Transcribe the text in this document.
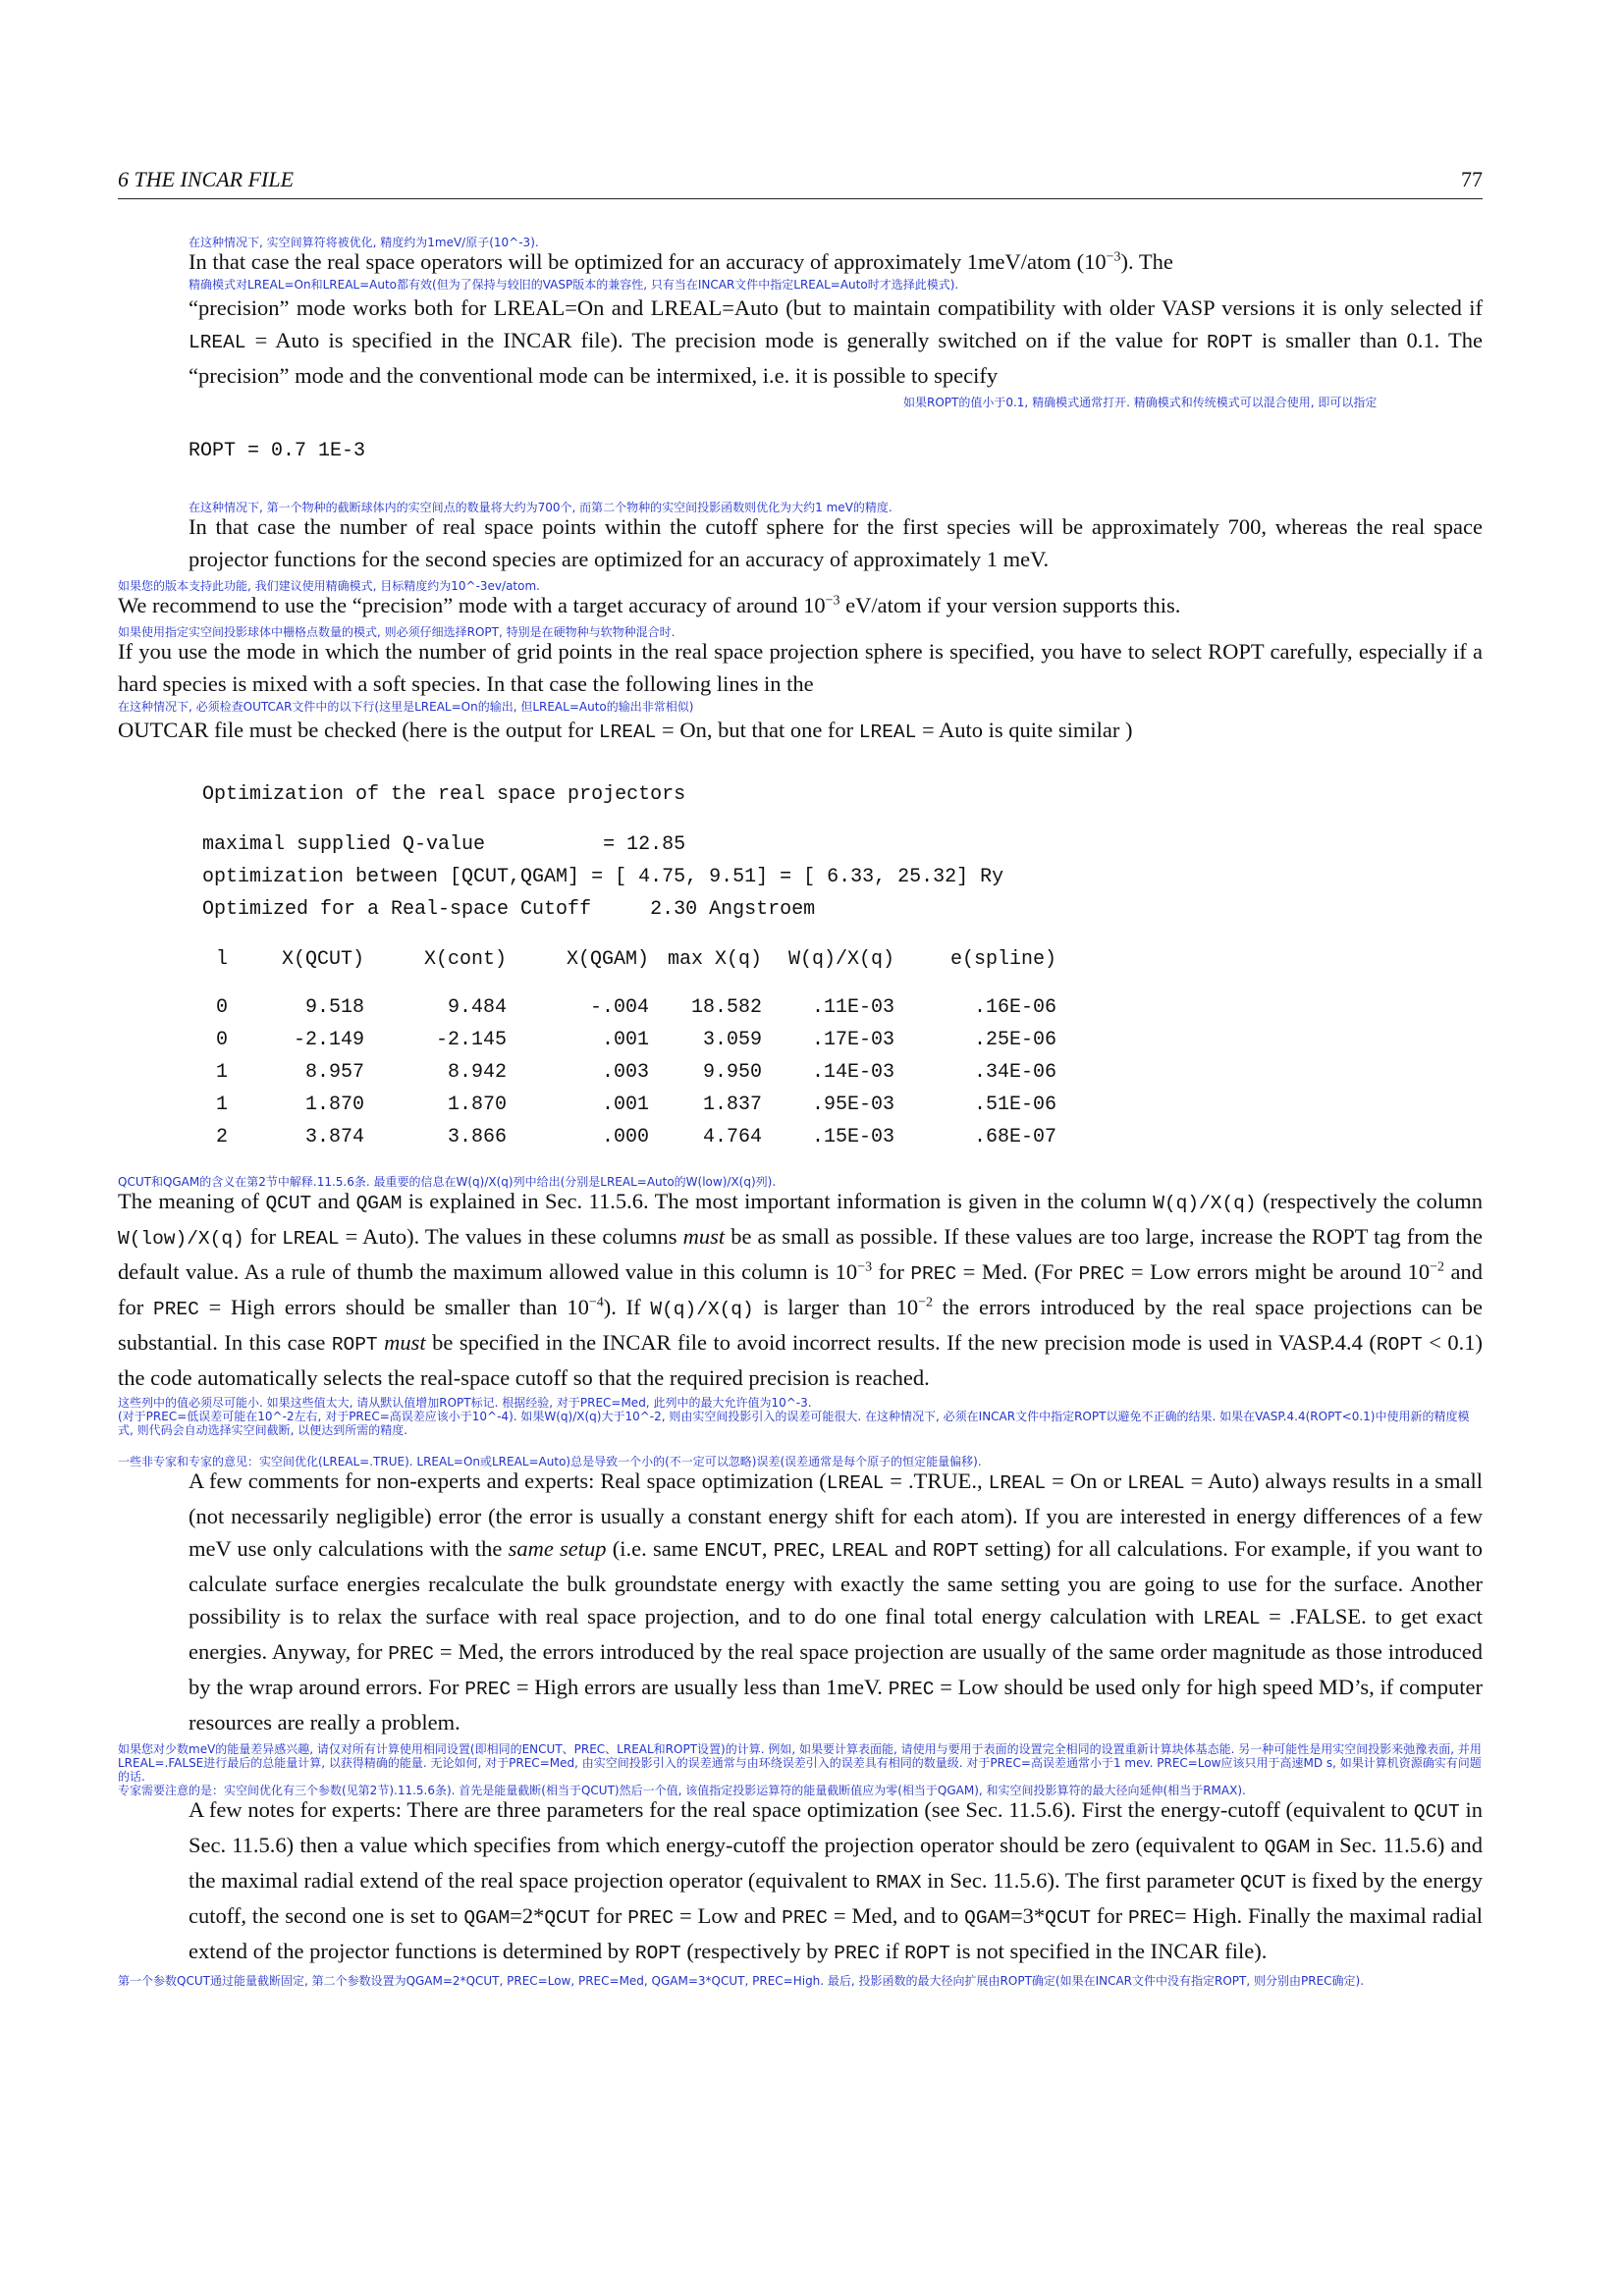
6 THE INCAR FILE	77
在这种情况下, 实空间算符将被优化, 精度约为1meV/原子(10^-3).

In that case the real space operators will be optimized for an accuracy of approximately 1meV/atom $(10^{-3})$. The
精确模式对LREAL=On和LREAL=Auto都有效(但为了保持与较旧的VASP版本的兼容性, 只有当在INCAR文件中指定LREAL=Auto时才选择此模式).
“precision” mode works both for LREAL=On and LREAL=Auto (but to maintain compatibility with older VASP versions it is only selected if LREAL = Auto is specified in the INCAR file). The precision mode is generally switched on if the value for ROPT is smaller than 0.1. The “precision” mode and the conventional mode can be intermixed, i.e. it is possible to specify

如果ROPT的值小于0.1, 精确模式通常打开. 精确模式和传统模式可以混合使用, 即可以指定
ROPT = 0.7 1E-3
在这种情况下, 第一个物种的截断球体内的实空间点的数量将大约为700个, 而第二个物种的实空间投影函数则优化为大约1 meV的精度.

In that case the number of real space points within the cutoff sphere for the first species will be approximately 700, whereas the real space projector functions for the second species are optimized for an accuracy of approximately 1 meV.

如果您的版本支持此功能, 我们建议使用精确模式, 目标精度约为10^-3ev/atom.

We recommend to use the “precision” mode with a target accuracy of around $10^{-3}$ eV/atom if your version supports this.

如果使用指定实空间投影球体中栅格点数量的模式, 则必须仔细选择ROPT, 特别是在硬物种与软物种混合时.

If you use the mode in which the number of grid points in the real space projection sphere is specified, you have to select ROPT carefully, especially if a hard species is mixed with a soft species. In that case the following lines in the
在这种情况下, 必须检查OUTCAR文件中的以下行(这里是LREAL=On的输出, 但LREAL=Auto的输出非常相似)
OUTCAR file must be checked (here is the output for LREAL = On, but that one for LREAL = Auto is quite similar )

Optimization of the real space projectors
maximal supplied Q-value          = 12.85
optimization between [QCUT,QGAM] = [ 4.75, 9.51] = [ 6.33, 25.32] Ry
Optimized for a Real-space Cutoff     2.30 Angstroem
l	X(QCUT)	X(cont)	X(QGAM)	max X(q)	W(q)/X(q)	e(spline)

0	9.518	9.484	-.004	18.582	.11E-03	.16E-06
0	-2.149	-2.145	.001	3.059	.17E-03	.25E-06
1	8.957	8.942	.003	9.950	.14E-03	.34E-06
1	1.870	1.870	.001	1.837	.95E-03	.51E-06
2	3.874	3.866	.000	4.764	.15E-03	.68E-07
QCUT和QGAM的含义在第2节中解释.11.5.6条. 最重要的信息在W(q)/X(q)列中给出(分别是LREAL=Auto的W(low)/X(q)列).

The meaning of QCUT and QGAM is explained in Sec. 11.5.6. The most important information is given in the column W(q)/X(q) (respectively the column W(low)/X(q) for LREAL = Auto). The values in these columns must be as small as possible. If these values are too large, increase the ROPT tag from the default value. As a rule of thumb the maximum allowed value in this column is $10^{-3}$ for PREC = Med. (For PREC = Low errors might be around $10^{-2}$ and for PREC = High errors should be smaller than $10^{-4}$). If W(q)/X(q) is larger than $10^{-2}$ the errors introduced by the real space projections can be substantial. In this case ROPT must be specified in the INCAR file to avoid incorrect results. If the new precision mode is used in VASP.4.4 (ROPT < 0.1) the code automatically selects the real-space cutoff so that the required precision is reached.

这些列中的值必须尽可能小. 如果这些值太大, 请从默认值增加ROPT标记. 根据经验, 对于PREC=Med, 此列中的最大允许值为10^-3.
(对于PREC=低误差可能在10^-2左右, 对于PREC=高误差应该小于10^-4). 如果W(q)/X(q)大于10^-2, 则由实空间投影引入的误差可能很大. 在这种情况下, 必须在INCAR文件中指定ROPT以避免不正确的结果. 如果在VASP.4.4(ROPT<0.1)中使用新的精度模式, 则代码会自动选择实空间截断, 以便达到所需的精度.
一些非专家和专家的意见：实空间优化(LREAL=.TRUE). LREAL=On或LREAL=Auto)总是导致一个小的(不一定可以忽略)误差(误差通常是每个原子的恒定能量偏移).

A few comments for non-experts and experts: Real space optimization (LREAL = .TRUE., LREAL = On or LREAL = Auto) always results in a small (not necessarily negligible) error (the error is usually a constant energy shift for each atom). If you are interested in energy differences of a few meV use only calculations with the same setup (i.e. same ENCUT, PREC, LREAL and ROPT setting) for all calculations. For example, if you want to calculate surface energies recalculate the bulk groundstate energy with exactly the same setting you are going to use for the surface. Another possibility is to relax the surface with real space projection, and to do one final total energy calculation with LREAL = .FALSE. to get exact energies. Anyway, for PREC = Med, the errors introduced by the real space projection are usually of the same order magnitude as those introduced by the wrap around errors. For PREC = High errors are usually less than 1meV. PREC = Low should be used only for high speed MD’s, if computer resources are really a problem.

如果您对少数meV的能量差异感兴趣, 请仅对所有计算使用相同设置(即相同的ENCUT、PREC、LREAL和ROPT设置)的计算. 例如, 如果要计算表面能, 请使用与要用于表面的设置完全相同的设置重新计算块体基态能. 另一种可能性是用实空间投影来弛豫表面, 并用LREAL=.FALSE进行最后的总能量计算, 以获得精确的能量. 无论如何, 对于PREC=Med, 由实空间投影引入的误差通常与由环绕误差引入的误差具有相同的数量级. 对于PREC=高误差通常小于1 mev. PREC=Low应该只用于高速MD s, 如果计算机资源确实有问题的话.
专家需要注意的是：实空间优化有三个参数(见第2节).11.5.6条). 首先是能量截断(相当于QCUT)然后一个值, 该值指定投影运算符的能量截断值应为零(相当于QGAM), 和实空间投影算符的最大径向延伸(相当于RMAX).

A few notes for experts: There are three parameters for the real space optimization (see Sec. 11.5.6). First the energy-cutoff (equivalent to QCUT in Sec. 11.5.6) then a value which specifies from which energy-cutoff the projection operator should be zero (equivalent to QGAM in Sec. 11.5.6) and the maximal radial extend of the real space projection operator (equivalent to RMAX in Sec. 11.5.6). The first parameter QCUT is fixed by the energy cutoff, the second one is set to QGAM=2*QCUT for PREC = Low and PREC = Med, and to QGAM=3*QCUT for PREC= High. Finally the maximal radial extend of the projector functions is determined by ROPT (respectively by PREC if ROPT is not specified in the INCAR file).

第一个参数QCUT通过能量截断固定, 第二个参数设置为QGAM=2*QCUT, PREC=Low, PREC=Med, QGAM=3*QCUT, PREC=High. 最后, 投影函数的最大径向扩展由ROPT确定(如果在INCAR文件中没有指定ROPT, 则分别由PREC确定).
